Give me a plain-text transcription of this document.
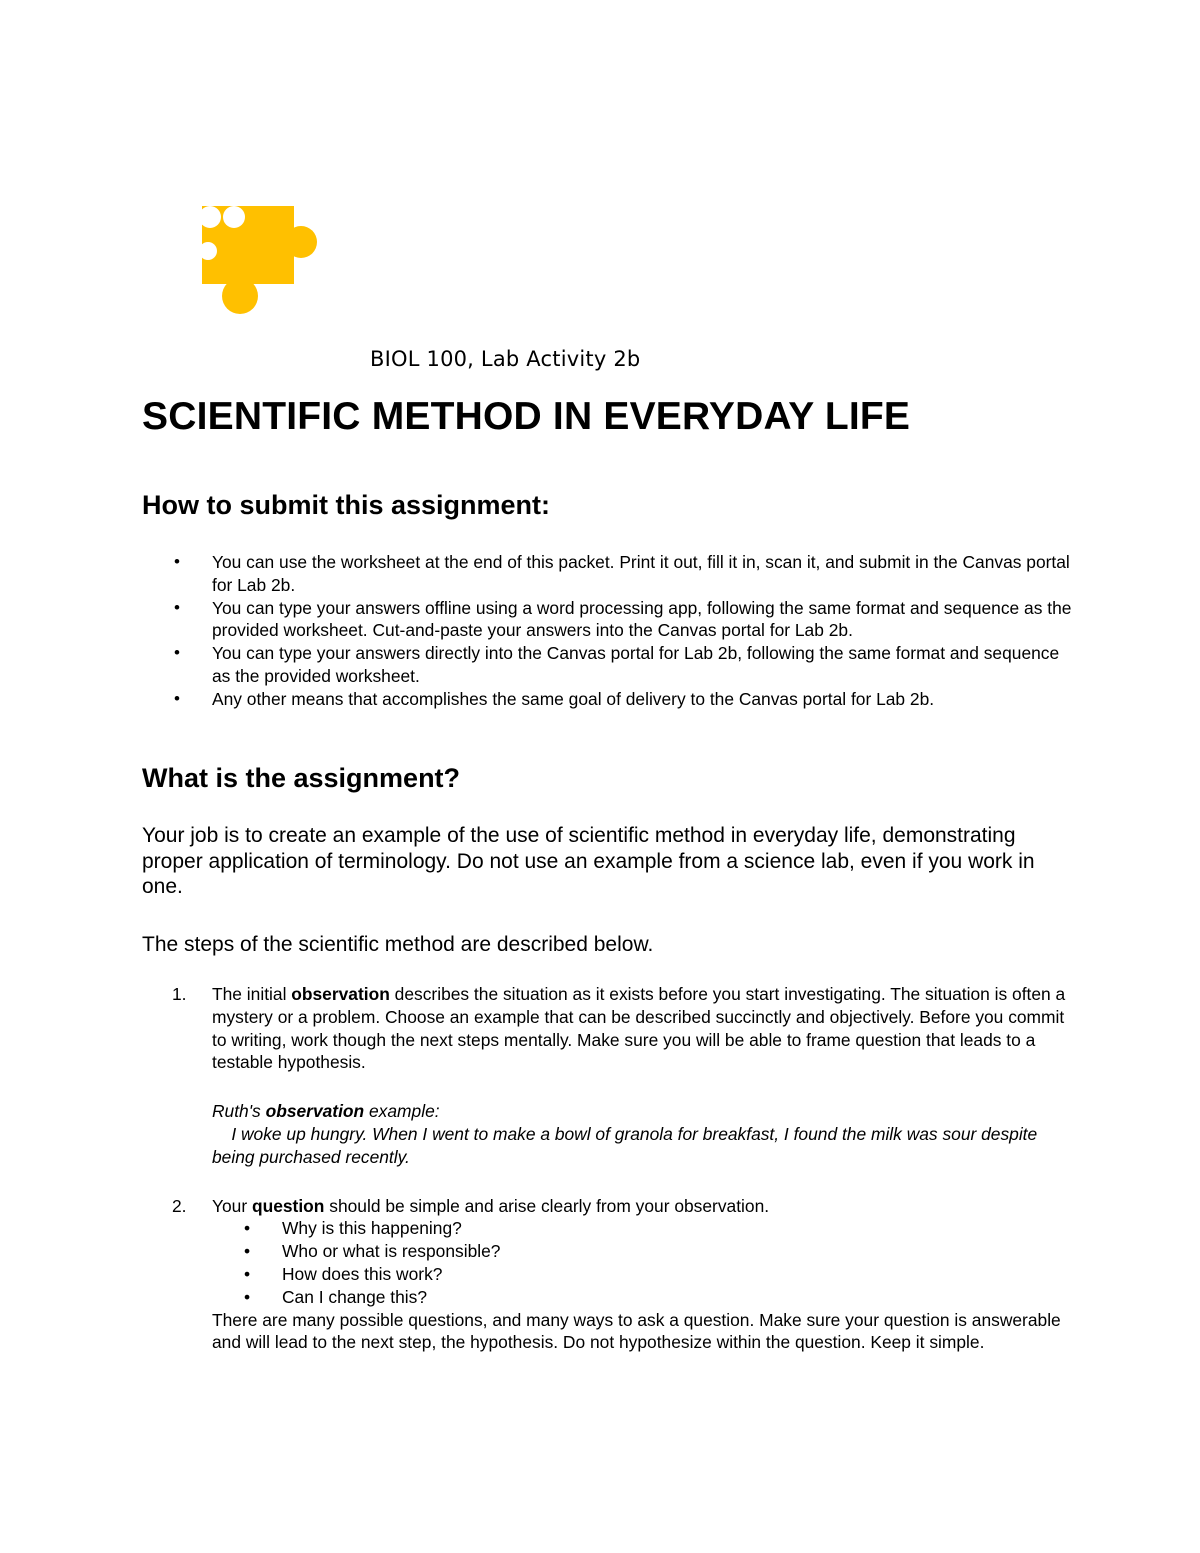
BIOL 100, Lab Activity 2b
SCIENTIFIC METHOD IN EVERYDAY LIFE
How to submit this assignment:
• You can use the worksheet at the end of this packet. Print it out, fill it in, scan it, and submit in the Canvas portal for Lab 2b.
• You can type your answers offline using a word processing app, following the same format and sequence as the provided worksheet. Cut-and-paste your answers into the Canvas portal for Lab 2b.
• You can type your answers directly into the Canvas portal for Lab 2b, following the same format and sequence as the provided worksheet.
• Any other means that accomplishes the same goal of delivery to the Canvas portal for Lab 2b.
What is the assignment?

Your job is to create an example of the use of scientific method in everyday life, demonstrating proper application of terminology. Do not use an example from a science lab, even if you work in one.

The steps of the scientific method are described below.

1. The initial observation describes the situation as it exists before you start investigating. The situation is often a mystery or a problem. Choose an example that can be described succinctly and objectively. Before you commit to writing, work though the next steps mentally. Make sure you will be able to frame question that leads to a testable hypothesis.
Ruth's observation example:
I woke up hungry. When I went to make a bowl of granola for breakfast, I found the milk was sour despite being purchased recently.
2. Your question should be simple and arise clearly from your observation.
• Why is this happening?
• Who or what is responsible?
• How does this work?
• Can I change this?
There are many possible questions, and many ways to ask a question. Make sure your question is answerable and will lead to the next step, the hypothesis. Do not hypothesize within the question. Keep it simple.
